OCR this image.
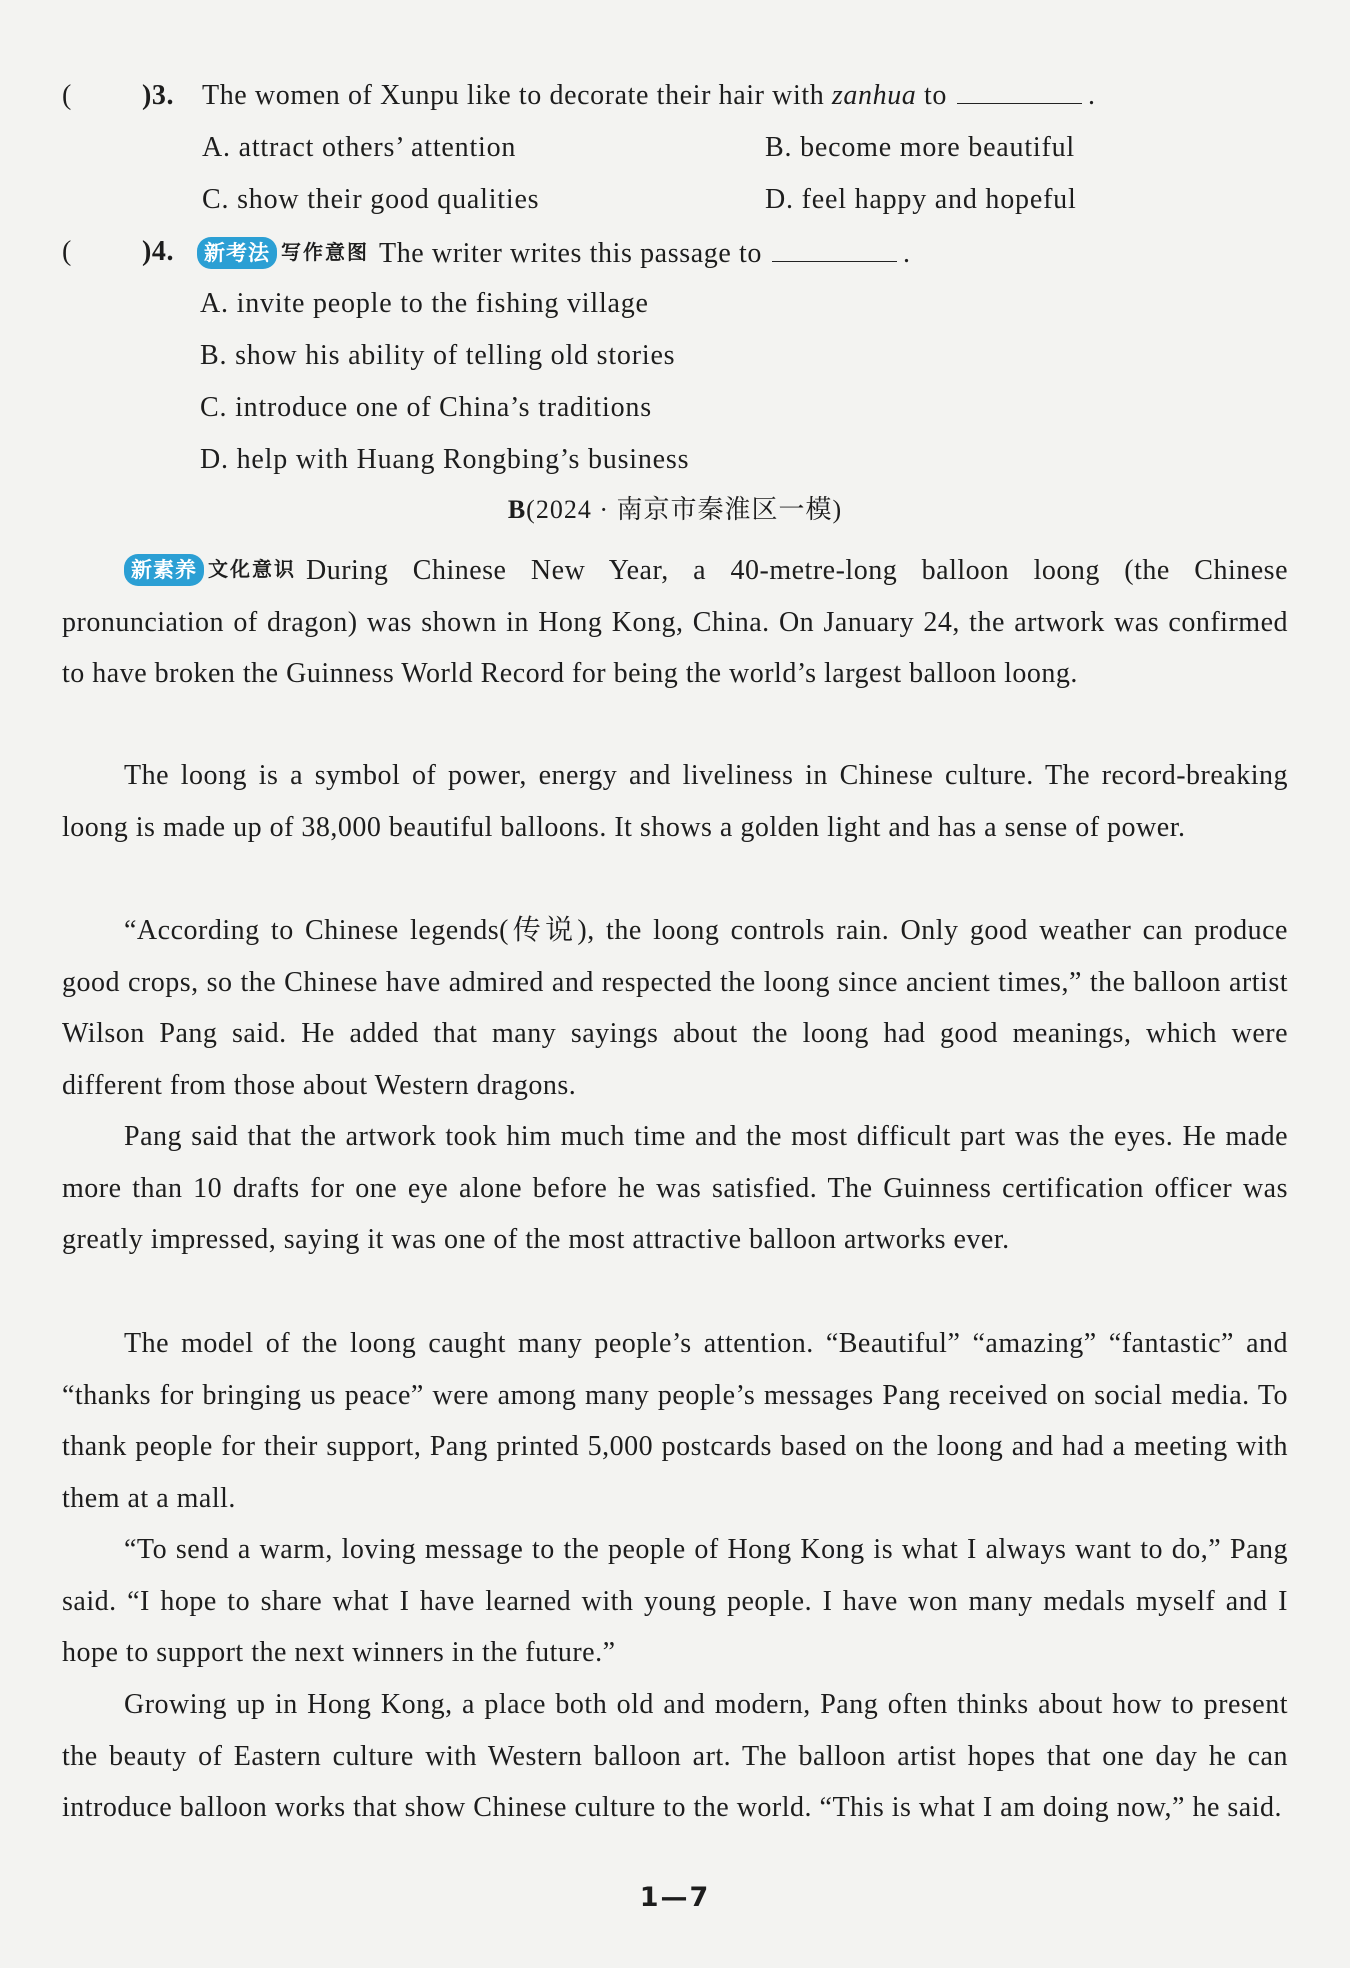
(	)3. The women of Xunpu like to decorate their hair with zanhua to	.
A. attract others’ attention	B. become more beautiful
C. show their good qualities	D. feel happy and hopeful
(	)4.	新考法 写作意图 The writer writes this passage to	.
A. invite people to the fishing village
B. show his ability of telling old stories
C. introduce one of China’s traditions
D. help with Huang Rongbing’s business
B(2024 · 南京市秦淮区一模)

新素养 文化意识 During Chinese New Year, a 40-metre-long balloon loong (the Chinese pronunciation of dragon) was shown in Hong Kong, China. On January 24, the artwork was confirmed to have broken the Guinness World Record for being the world’s largest balloon loong.

The loong is a symbol of power, energy and liveliness in Chinese culture. The record-breaking loong is made up of 38,000 beautiful balloons. It shows a golden light and has a sense of power.

“According to Chinese legends(传说), the loong controls rain. Only good weather can produce good crops, so the Chinese have admired and respected the loong since ancient times,” the balloon artist Wilson Pang said. He added that many sayings about the loong had good meanings, which were different from those about Western dragons.

Pang said that the artwork took him much time and the most difficult part was the eyes. He made more than 10 drafts for one eye alone before he was satisfied. The Guinness certification officer was greatly impressed, saying it was one of the most attractive balloon artworks ever.

The model of the loong caught many people’s attention. “Beautiful” “amazing” “fantastic” and “thanks for bringing us peace” were among many people’s messages Pang received on social media. To thank people for their support, Pang printed 5,000 postcards based on the loong and had a meeting with them at a mall.

“To send a warm, loving message to the people of Hong Kong is what I always want to do,” Pang said. “I hope to share what I have learned with young people. I have won many medals myself and I hope to support the next winners in the future.”

Growing up in Hong Kong, a place both old and modern, Pang often thinks about how to present the beauty of Eastern culture with Western balloon art. The balloon artist hopes that one day he can introduce balloon works that show Chinese culture to the world. “This is what I am doing now,” he said.

1—7
